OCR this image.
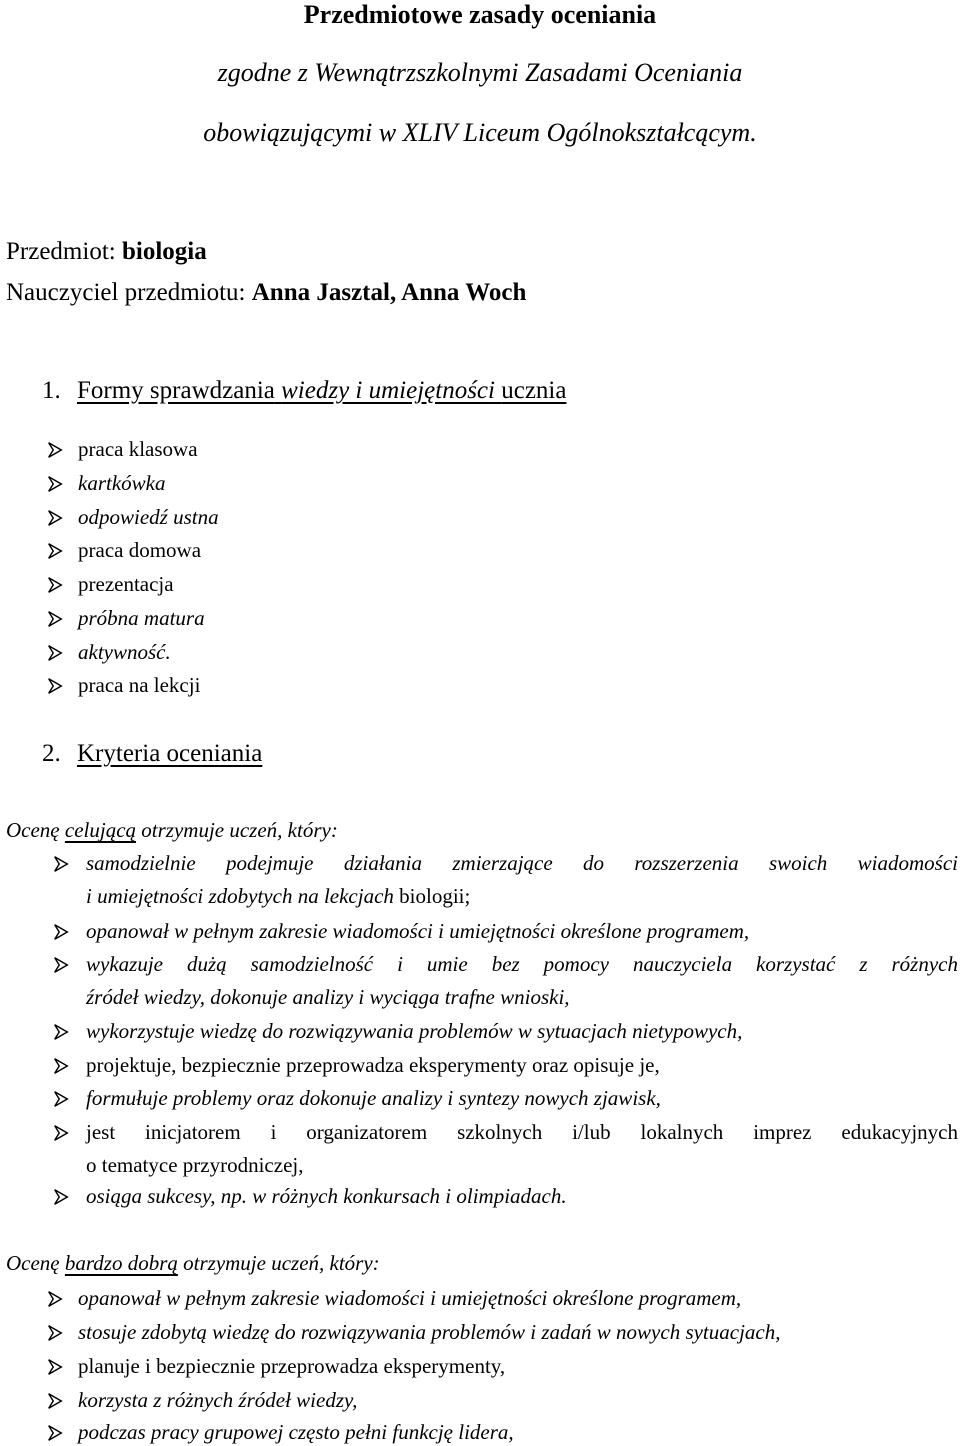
Przedmiotowe zasady oceniania
zgodne z Wewnątrzszkolnymi Zasadami Oceniania
obowiązującymi w XLIV Liceum Ogólnokształcącym.
Przedmiot: biologia
Nauczyciel przedmiotu: Anna Jasztal, Anna Woch
1. Formy sprawdzania wiedzy i umiejętności ucznia
praca klasowa
kartkówka
odpowiedź ustna
praca domowa
prezentacja
próbna matura
aktywność.
praca na lekcji
2. Kryteria oceniania
Ocenę celującą otrzymuje uczeń, który:
samodzielnie podejmuje działania zmierzające do rozszerzenia swoich wiadomości
i umiejętności zdobytych na lekcjach biologii;
opanował w pełnym zakresie wiadomości i umiejętności określone programem,
wykazuje dużą samodzielność i umie bez pomocy nauczyciela korzystać z różnych
źródeł wiedzy, dokonuje analizy i wyciąga trafne wnioski,
wykorzystuje wiedzę do rozwiązywania problemów w sytuacjach nietypowych,
projektuje, bezpiecznie przeprowadza eksperymenty oraz opisuje je,
formułuje problemy oraz dokonuje analizy i syntezy nowych zjawisk,
jest inicjatorem i organizatorem szkolnych i/lub lokalnych imprez edukacyjnych
o tematyce przyrodniczej,
osiąga sukcesy, np. w różnych konkursach i olimpiadach.
Ocenę bardzo dobrą otrzymuje uczeń, który:
opanował w pełnym zakresie wiadomości i umiejętności określone programem,
stosuje zdobytą wiedzę do rozwiązywania problemów i zadań w nowych sytuacjach,
planuje i bezpiecznie przeprowadza eksperymenty,
korzysta z różnych źródeł wiedzy,
podczas pracy grupowej często pełni funkcję lidera,
